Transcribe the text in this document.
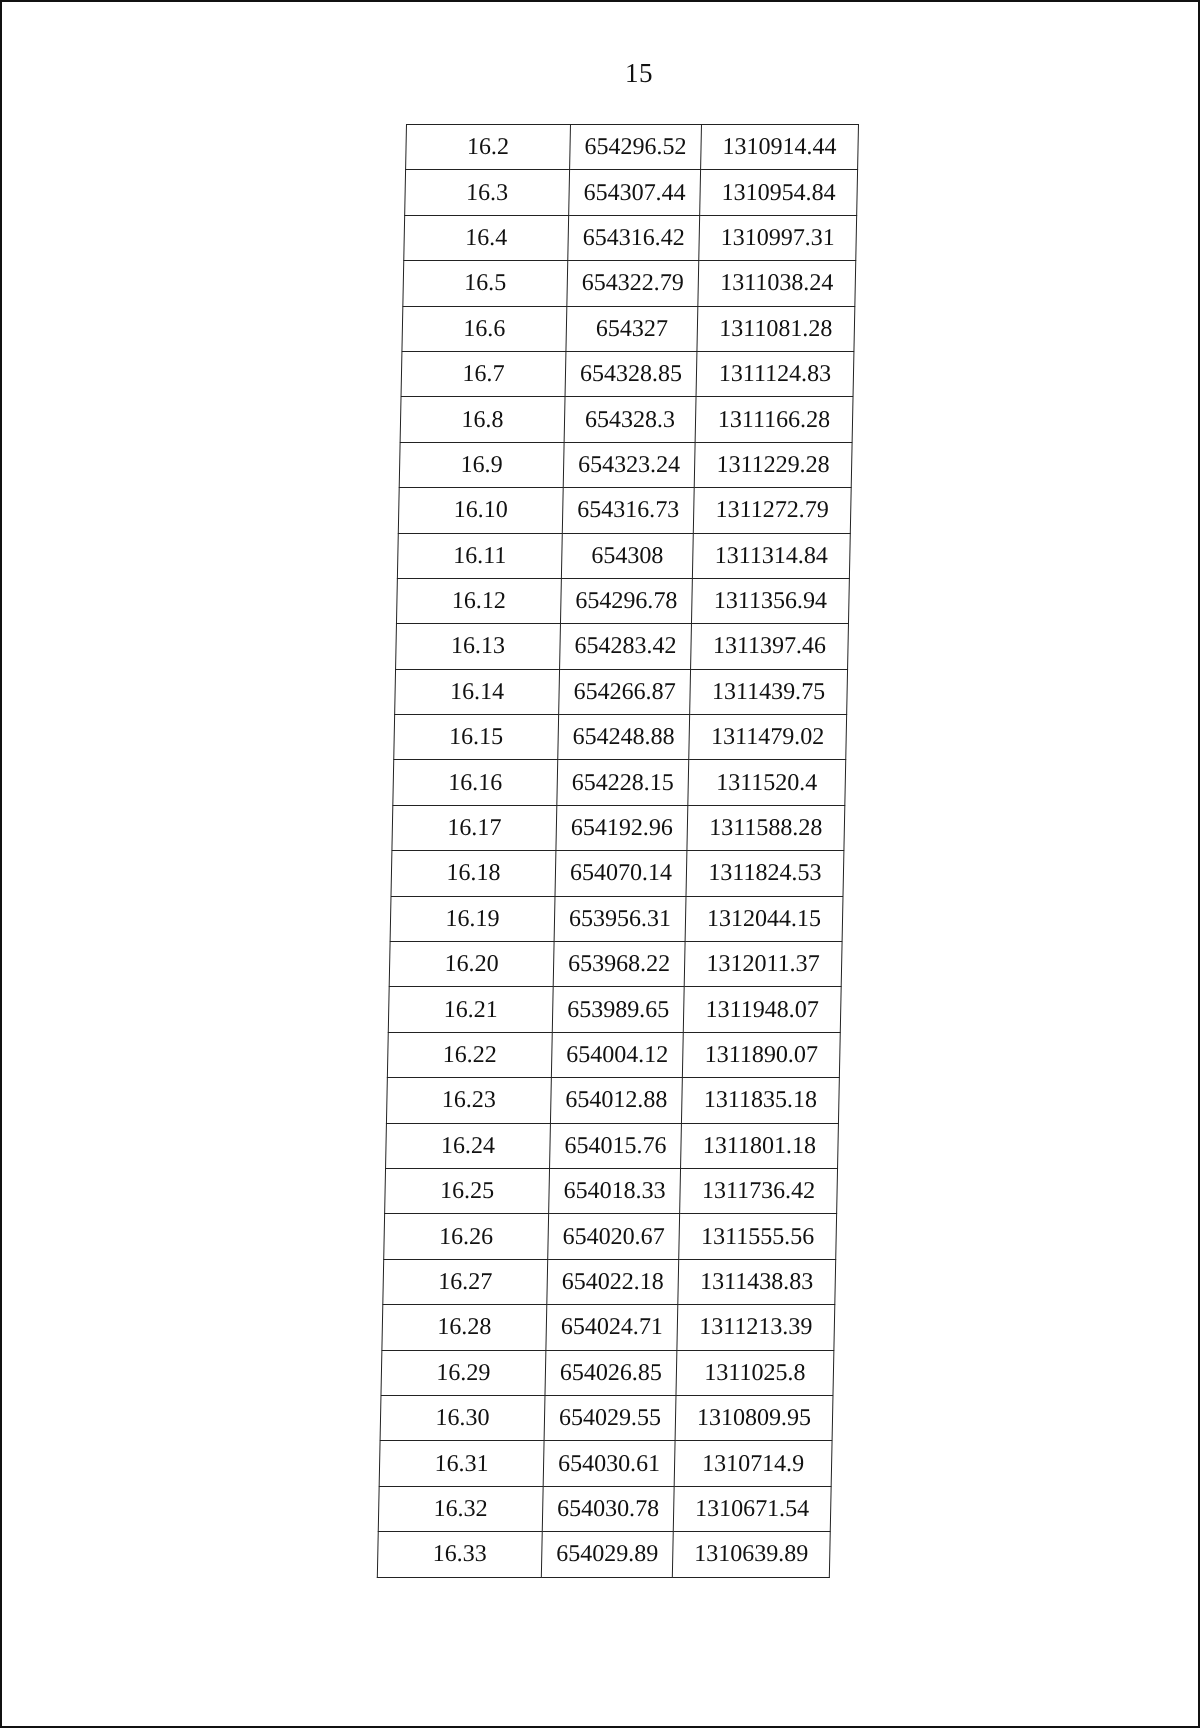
15
16.2	654296.52	1310914.44
16.3	654307.44	1310954.84
16.4	654316.42	1310997.31
16.5	654322.79	1311038.24
16.6	654327	1311081.28
16.7	654328.85	1311124.83
16.8	654328.3	1311166.28
16.9	654323.24	1311229.28
16.10	654316.73	1311272.79
16.11	654308	1311314.84
16.12	654296.78	1311356.94
16.13	654283.42	1311397.46
16.14	654266.87	1311439.75
16.15	654248.88	1311479.02
16.16	654228.15	1311520.4
16.17	654192.96	1311588.28
16.18	654070.14	1311824.53
16.19	653956.31	1312044.15
16.20	653968.22	1312011.37
16.21	653989.65	1311948.07
16.22	654004.12	1311890.07
16.23	654012.88	1311835.18
16.24	654015.76	1311801.18
16.25	654018.33	1311736.42
16.26	654020.67	1311555.56
16.27	654022.18	1311438.83
16.28	654024.71	1311213.39
16.29	654026.85	1311025.8
16.30	654029.55	1310809.95
16.31	654030.61	1310714.9
16.32	654030.78	1310671.54
16.33	654029.89	1310639.89
